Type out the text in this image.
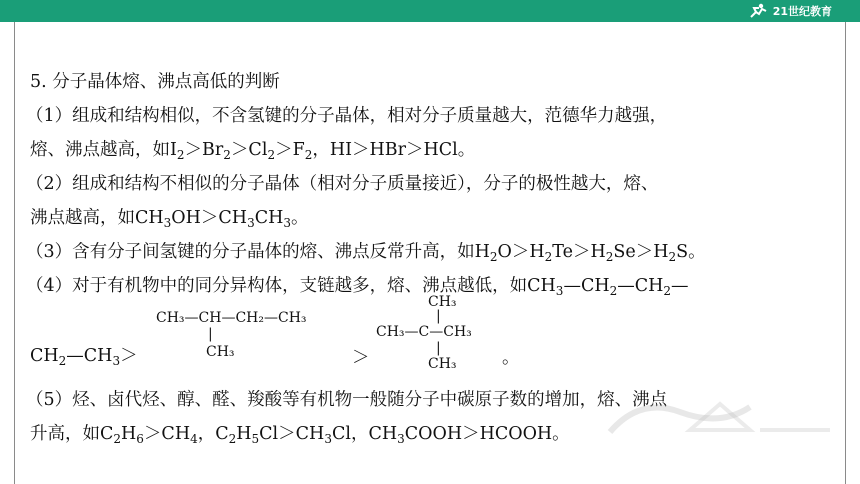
21世纪教育
5. 分子晶体熔、沸点高低的判断
（1）组成和结构相似，不含氢键的分子晶体，相对分子质量越大，范德华力越强，
熔、沸点越高，如$I_2>Br_2>Cl_2>F_2$，HI＞HBr＞HCl。
（2）组成和结构不相似的分子晶体（相对分子质量接近），分子的极性越大，熔、
沸点越高，如$CH_3OH>CH_3CH_3$。
（3）含有分子间氢键的分子晶体的熔、沸点反常升高，如$H_2O>H_2Te>H_2Se>H_2S$。
（4）对于有机物中的同分异构体，支链越多，熔、沸点越低，如$CH_3—CH_2—CH_2—$
CH₃—CH—CH₂—CH₃
|
CH₃
CH₃
|
CH₃—C—CH₃
|
CH₃
$CH_2—CH_3>$	＞	。
（5）烃、卤代烃、醇、醛、羧酸等有机物一般随分子中碳原子数的增加，熔、沸点
升高，如$C_2H_6>CH_4$，$C_2H_5Cl>CH_3Cl$，$CH_3COOH>HCOOH$。
